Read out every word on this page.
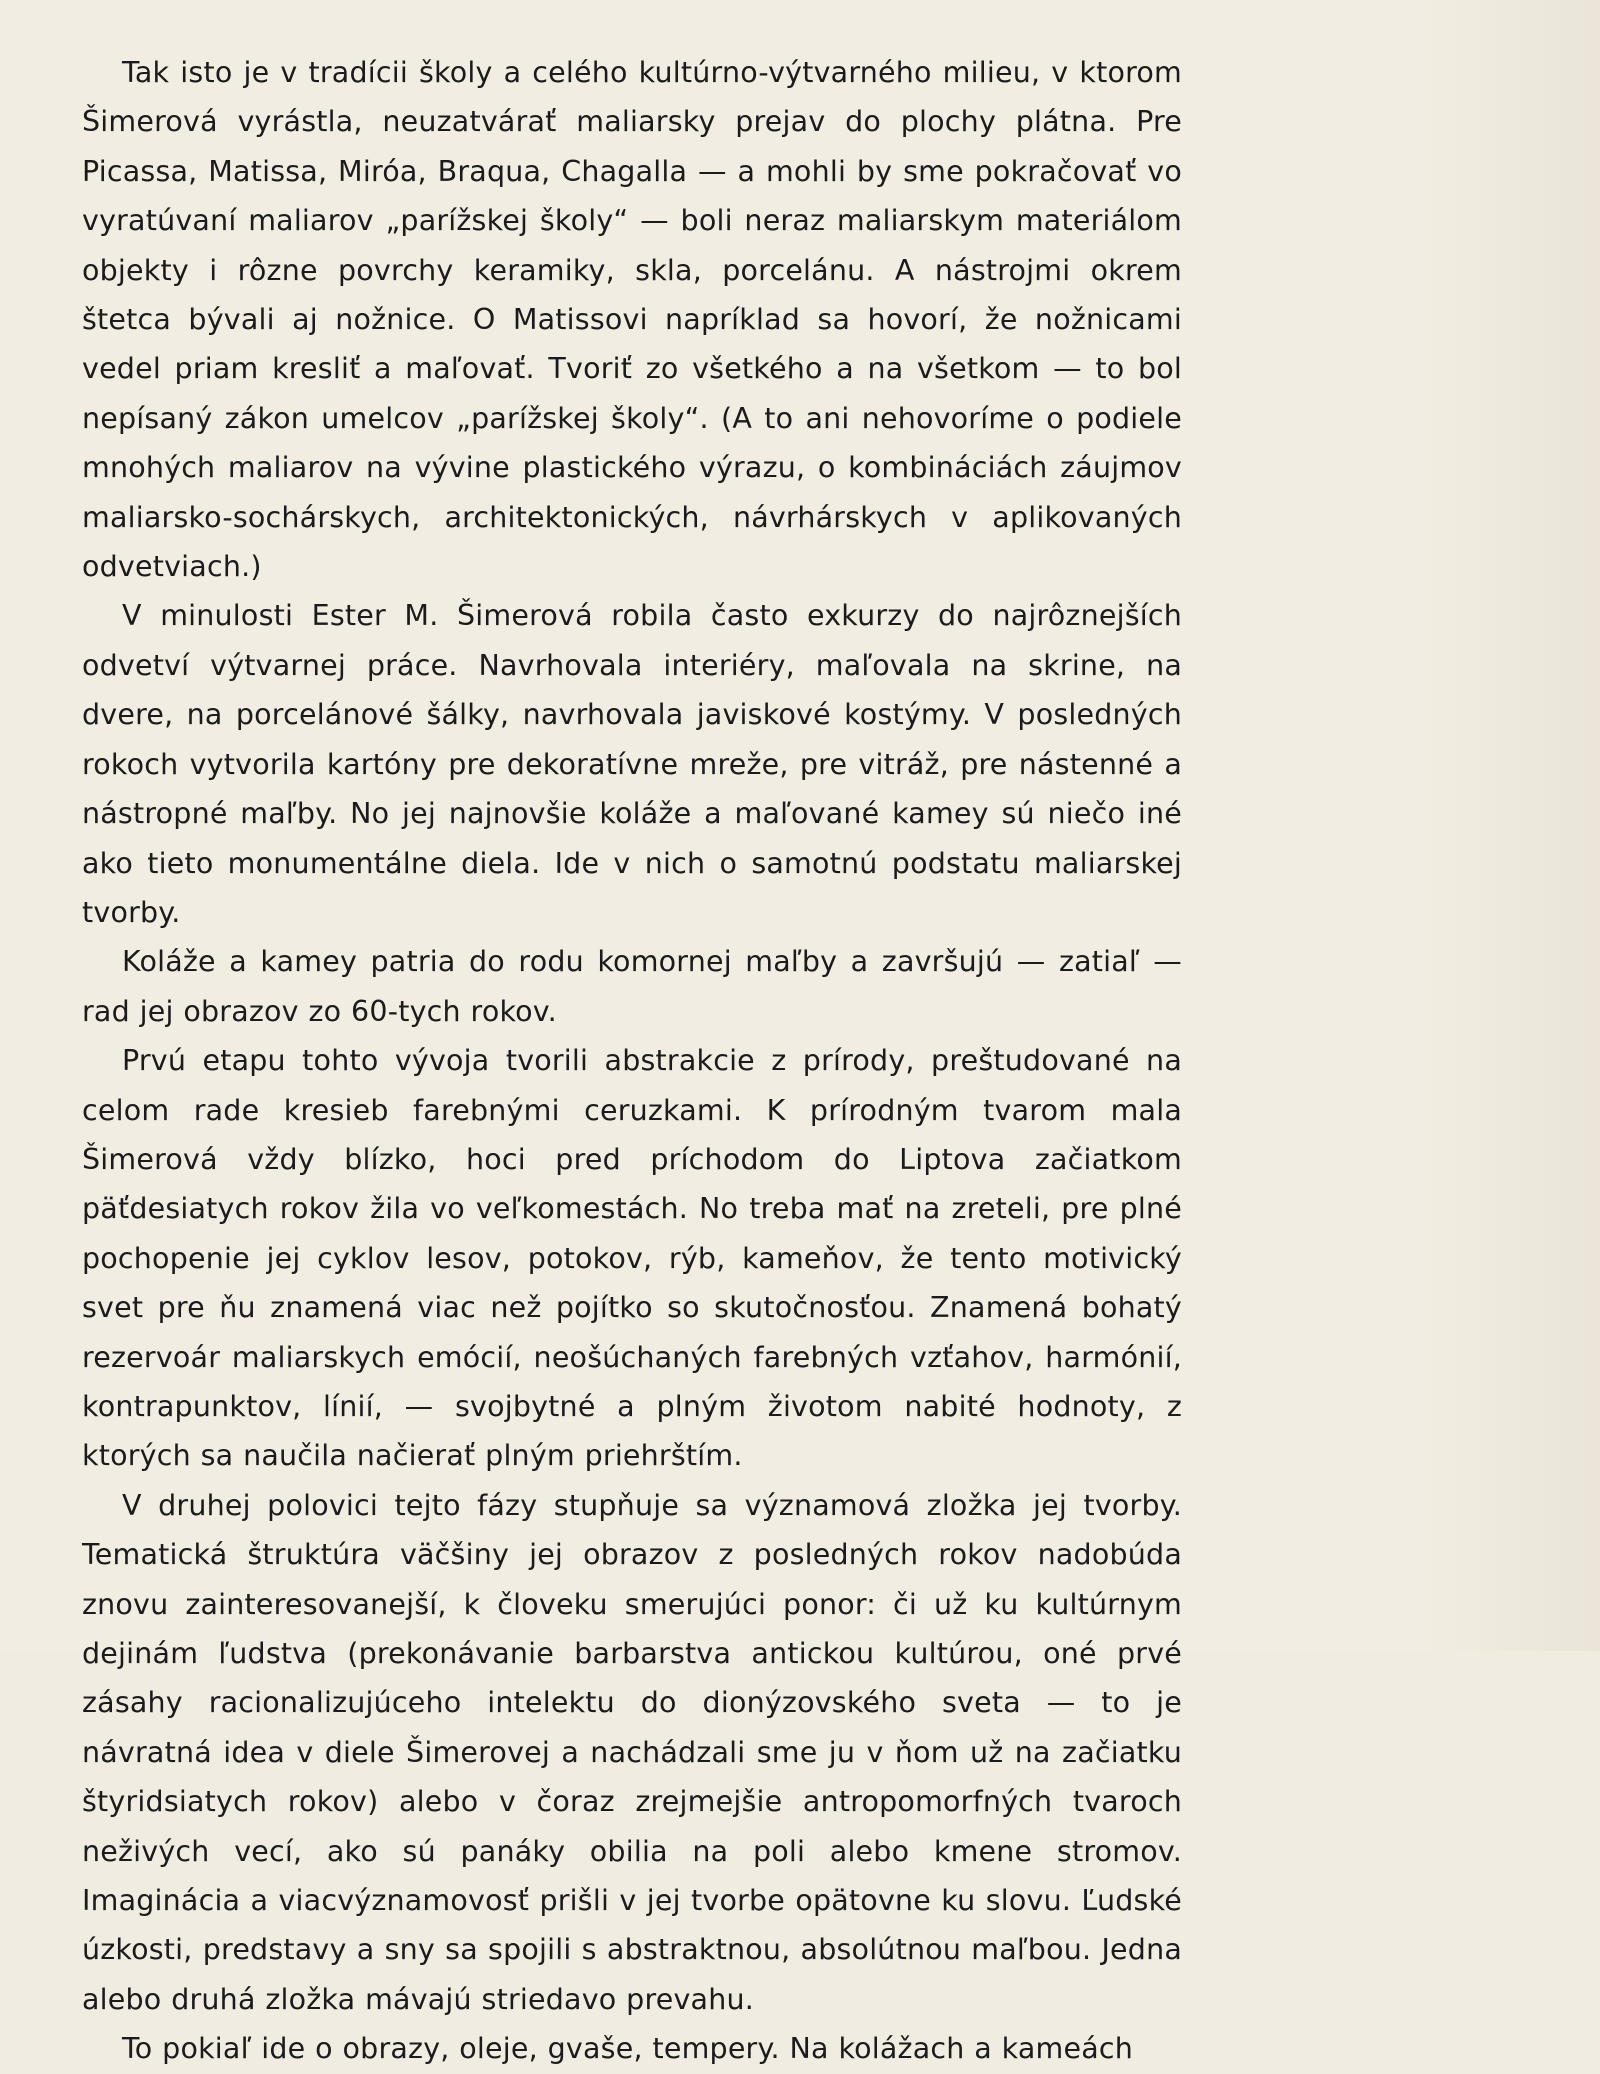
Tak isto je v tradícii školy a celého kultúrno-výtvarného milieu, v ktorom Šimerová vyrástla, neuzatvárať maliarsky prejav do plochy plátna. Pre Picassa, Matissa, Miróa, Braqua, Chagalla — a mohli by sme pokračovať vo vyratúvaní maliarov „parížskej školy“ — boli neraz maliarskym materiálom objekty i rôzne povrchy keramiky, skla, porcelánu. A nástrojmi okrem štetca bývali aj nožnice. O Matissovi napríklad sa hovorí, že nožnicami vedel priam kresliť a maľovať. Tvoriť zo všetkého a na všetkom — to bol nepísaný zákon umelcov „parížskej školy“. (A to ani nehovoríme o podiele mnohých maliarov na vývine plastického výrazu, o kombináciách záujmov maliarsko-sochárskych, architektonických, návrhárskych v aplikovaných odvetviach.)

V minulosti Ester M. Šimerová robila často exkurzy do najrôznejších odvetví výtvarnej práce. Navrhovala interiéry, maľovala na skrine, na dvere, na porcelánové šálky, navrhovala javiskové kostýmy. V posledných rokoch vytvorila kartóny pre dekoratívne mreže, pre vitráž, pre nástenné a nástropné maľby. No jej najnovšie koláže a maľované kamey sú niečo iné ako tieto monumentálne diela. Ide v nich o samotnú podstatu maliarskej tvorby.

Koláže a kamey patria do rodu komornej maľby a završujú — zatiaľ — rad jej obrazov zo 60-tych rokov.

Prvú etapu tohto vývoja tvorili abstrakcie z prírody, preštudované na celom rade kresieb farebnými ceruzkami. K prírodným tvarom mala Šimerová vždy blízko, hoci pred príchodom do Liptova začiatkom päťdesiatych rokov žila vo veľkomestách. No treba mať na zreteli, pre plné pochopenie jej cyklov lesov, potokov, rýb, kameňov, že tento motivický svet pre ňu znamená viac než pojítko so skutočnosťou. Znamená bohatý rezervoár maliarskych emócií, neošúchaných farebných vzťahov, harmónií, kontrapunktov, línií, — svojbytné a plným životom nabité hodnoty, z ktorých sa naučila načierať plným priehrštím.

V druhej polovici tejto fázy stupňuje sa významová zložka jej tvorby. Tematická štruktúra väčšiny jej obrazov z posledných rokov nadobúda znovu zainteresovanejší, k človeku smerujúci ponor: či už ku kultúrnym dejinám ľudstva (prekonávanie barbarstva antickou kultúrou, oné prvé zásahy racionalizujúceho intelektu do dionýzovského sveta — to je návratná idea v diele Šimerovej a nachádzali sme ju v ňom už na začiatku štyridsiatych rokov) alebo v čoraz zrejmejšie antropomorfných tvaroch neživých vecí, ako sú panáky obilia na poli alebo kmene stromov. Imaginácia a viacvýznamovosť prišli v jej tvorbe opätovne ku slovu. Ľudské úzkosti, predstavy a sny sa spojili s abstraktnou, absolútnou maľbou. Jedna alebo druhá zložka mávajú striedavo prevahu.

To pokiaľ ide o obrazy, oleje, gvaše, tempery. Na kolážach a kameách
